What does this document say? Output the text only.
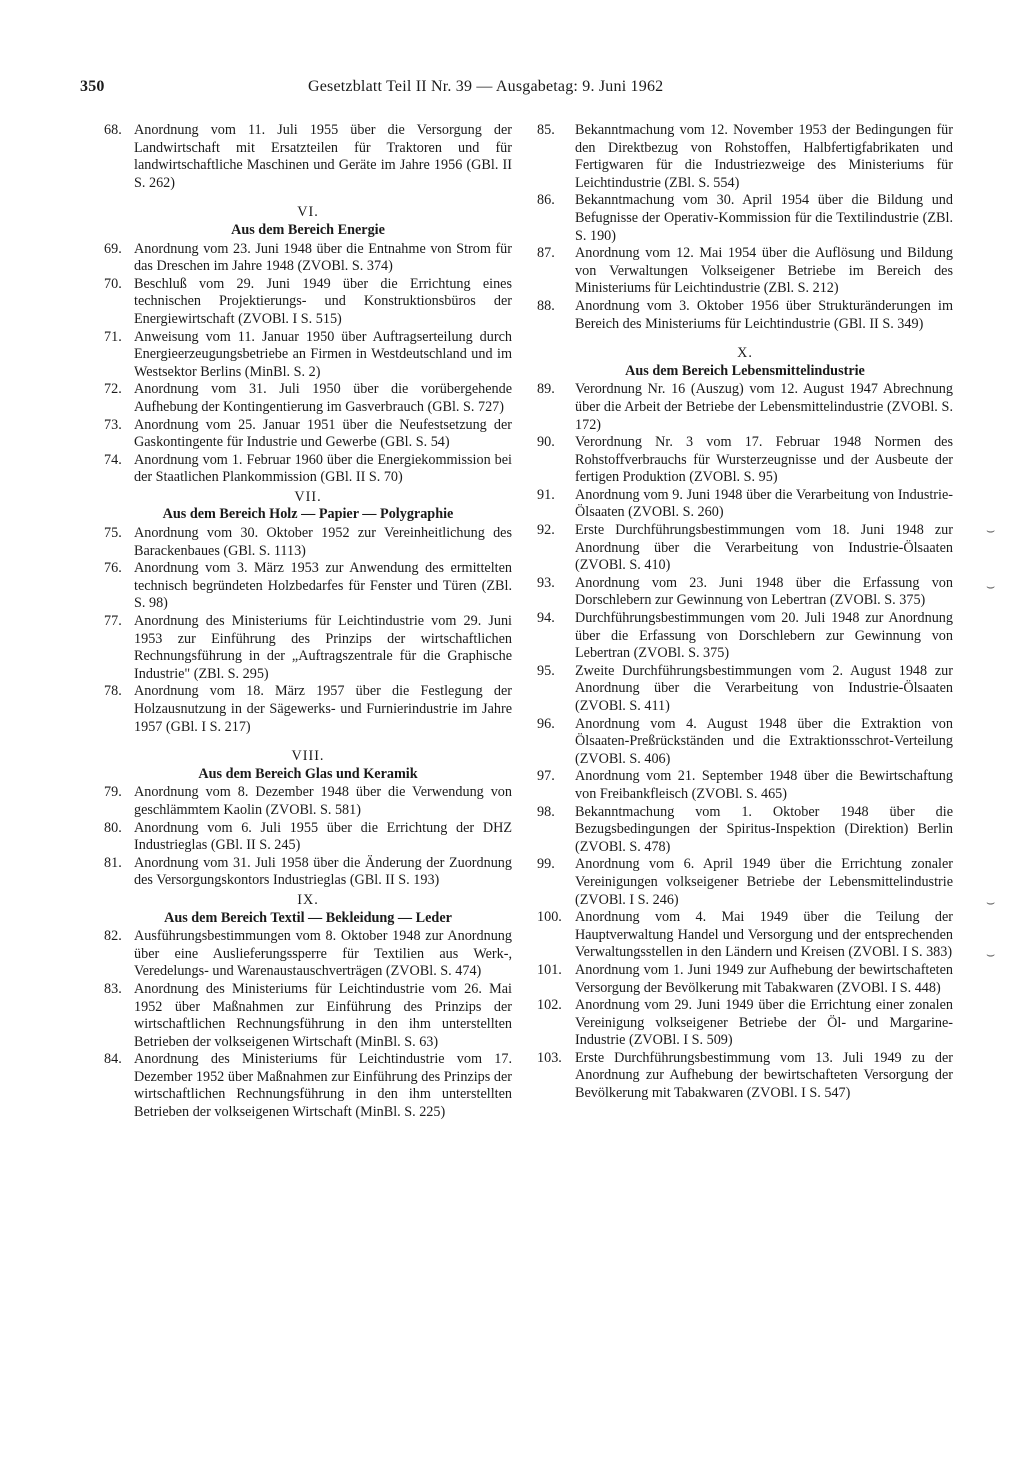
350	Gesetzblatt Teil II Nr. 39 — Ausgabetag: 9. Juni 1962
68. Anordnung vom 11. Juli 1955 über die Versorgung der Landwirtschaft mit Ersatzteilen für Traktoren und für landwirtschaftliche Maschinen und Geräte im Jahre 1956 (GBl. II S. 262)
VI.
Aus dem Bereich Energie
69. Anordnung vom 23. Juni 1948 über die Entnahme von Strom für das Dreschen im Jahre 1948 (ZVOBl. S. 374)
70. Beschluß vom 29. Juni 1949 über die Errichtung eines technischen Projektierungs- und Konstruktionsbüros der Energiewirtschaft (ZVOBl. I S. 515)
71. Anweisung vom 11. Januar 1950 über Auftragserteilung durch Energieerzeugungsbetriebe an Firmen in Westdeutschland und im Westsektor Berlins (MinBl. S. 2)
72. Anordnung vom 31. Juli 1950 über die vorübergehende Aufhebung der Kontingentierung im Gasverbrauch (GBl. S. 727)
73. Anordnung vom 25. Januar 1951 über die Neufestsetzung der Gaskontingente für Industrie und Gewerbe (GBl. S. 54)
74. Anordnung vom 1. Februar 1960 über die Energiekommission bei der Staatlichen Plankommission (GBl. II S. 70)
VII.
Aus dem Bereich Holz — Papier — Polygraphie
75. Anordnung vom 30. Oktober 1952 zur Vereinheitlichung des Barackenbaues (GBl. S. 1113)
76. Anordnung vom 3. März 1953 zur Anwendung des ermittelten technisch begründeten Holzbedarfes für Fenster und Türen (ZBl. S. 98)
77. Anordnung des Ministeriums für Leichtindustrie vom 29. Juni 1953 zur Einführung des Prinzips der wirtschaftlichen Rechnungsführung in der „Auftragszentrale für die Graphische Industrie" (ZBl. S. 295)
78. Anordnung vom 18. März 1957 über die Festlegung der Holzausnutzung in der Sägewerks- und Furnierindustrie im Jahre 1957 (GBl. I S. 217)
VIII.
Aus dem Bereich Glas und Keramik
79. Anordnung vom 8. Dezember 1948 über die Verwendung von geschlämmtem Kaolin (ZVOBl. S. 581)
80. Anordnung vom 6. Juli 1955 über die Errichtung der DHZ Industrieglas (GBl. II S. 245)
81. Anordnung vom 31. Juli 1958 über die Änderung der Zuordnung des Versorgungskontors Industrieglas (GBl. II S. 193)
IX.
Aus dem Bereich Textil — Bekleidung — Leder
82. Ausführungsbestimmungen vom 8. Oktober 1948 zur Anordnung über eine Auslieferungssperre für Textilien aus Werk-, Veredelungs- und Warenaustauschverträgen (ZVOBl. S. 474)
83. Anordnung des Ministeriums für Leichtindustrie vom 26. Mai 1952 über Maßnahmen zur Einführung des Prinzips der wirtschaftlichen Rechnungsführung in den ihm unterstellten Betrieben der volkseigenen Wirtschaft (MinBl. S. 63)
84. Anordnung des Ministeriums für Leichtindustrie vom 17. Dezember 1952 über Maßnahmen zur Einführung des Prinzips der wirtschaftlichen Rechnungsführung in den ihm unterstellten Betrieben der volkseigenen Wirtschaft (MinBl. S. 225)
85.	Bekanntmachung vom 12. November 1953 der Bedingungen für den Direktbezug von Rohstoffen, Halbfertigfabrikaten und Fertigwaren für die Industriezweige des Ministeriums für Leichtindustrie (ZBl. S. 554)
86.	Bekanntmachung vom 30. April 1954 über die Bildung und Befugnisse der Operativ-Kommission für die Textilindustrie (ZBl. S. 190)
87.	Anordnung vom 12. Mai 1954 über die Auflösung und Bildung von Verwaltungen Volkseigener Betriebe im Bereich des Ministeriums für Leichtindustrie (ZBl. S. 212)
88.	Anordnung vom 3. Oktober 1956 über Strukturänderungen im Bereich des Ministeriums für Leichtindustrie (GBl. II S. 349)
X.
Aus dem Bereich Lebensmittelindustrie
89.	Verordnung Nr. 16 (Auszug) vom 12. August 1947 Abrechnung über die Arbeit der Betriebe der Lebensmittelindustrie (ZVOBl. S. 172)
90.	Verordnung Nr. 3 vom 17. Februar 1948 Normen des Rohstoffverbrauchs für Wursterzeugnisse und der Ausbeute der fertigen Produktion (ZVOBl. S. 95)
91.	Anordnung vom 9. Juni 1948 über die Verarbeitung von Industrie-Ölsaaten (ZVOBl. S. 260)
92.	Erste Durchführungsbestimmungen vom 18. Juni 1948 zur Anordnung über die Verarbeitung von Industrie-Ölsaaten (ZVOBl. S. 410)
93.	Anordnung vom 23. Juni 1948 über die Erfassung von Dorschlebern zur Gewinnung von Lebertran (ZVOBl. S. 375)
94.	Durchführungsbestimmungen vom 20. Juli 1948 zur Anordnung über die Erfassung von Dorschlebern zur Gewinnung von Lebertran (ZVOBl. S. 375)
95.	Zweite Durchführungsbestimmungen vom 2. August 1948 zur Anordnung über die Verarbeitung von Industrie-Ölsaaten (ZVOBl. S. 411)
96.	Anordnung vom 4. August 1948 über die Extraktion von Ölsaaten-Preßrückständen und die Extraktionsschrot-Verteilung (ZVOBl. S. 406)
97.	Anordnung vom 21. September 1948 über die Bewirtschaftung von Freibankfleisch (ZVOBl. S. 465)
98.	Bekanntmachung vom 1. Oktober 1948 über die Bezugsbedingungen der Spiritus-Inspektion (Direktion) Berlin (ZVOBl. S. 478)
99.	Anordnung vom 6. April 1949 über die Errichtung zonaler Vereinigungen volkseigener Betriebe der Lebensmittelindustrie (ZVOBl. I S. 246)
100. Anordnung vom 4. Mai 1949 über die Teilung der Hauptverwaltung Handel und Versorgung und der entsprechenden Verwaltungsstellen in den Ländern und Kreisen (ZVOBl. I S. 383)
101. Anordnung vom 1. Juni 1949 zur Aufhebung der bewirtschafteten Versorgung der Bevölkerung mit Tabakwaren (ZVOBl. I S. 448)
102. Anordnung vom 29. Juni 1949 über die Errichtung einer zonalen Vereinigung volkseigener Betriebe der Öl- und Margarine-Industrie (ZVOBl. I S. 509)
103. Erste Durchführungsbestimmung vom 13. Juli 1949 zu der Anordnung zur Aufhebung der bewirtschafteten Versorgung der Bevölkerung mit Tabakwaren (ZVOBl. I S. 547)
⌣
⌣
⌣
⌣
